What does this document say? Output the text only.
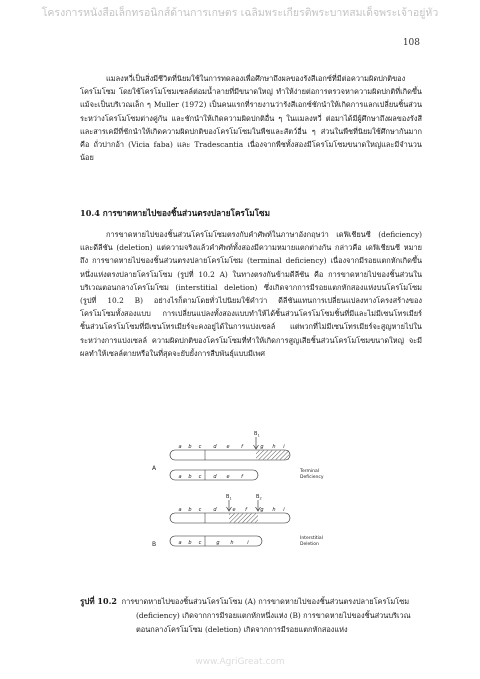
โครงการหนังสือเล็กทรอนิกส์ด้านการเกษตร เฉลิมพระเกียรติพระบาทสมเด็จพระเจ้าอยู่หัว
108

แมลงหวี่เป็นสิ่งมีชีวิตที่นิยมใช้ในการทดลองเพื่อศึกษาถึงผลของรังสีเอกซ์ที่มีต่อความผิดปกติของโครโมโซม โดยใช้โครโมโซมเซลล์ต่อมน้ำลายที่มีขนาดใหญ่ ทำให้ง่ายต่อการตรวจหาความผิดปกติที่เกิดขึ้นแม้จะเป็นบริเวณเล็ก ๆ Muller (1972) เป็นคนแรกที่รายงานว่ารังสีเอกซ์ชักนำให้เกิดการแลกเปลี่ยนชิ้นส่วนระหว่างโครโมโซมต่างคู่กัน และชักนำให้เกิดความผิดปกติอื่น ๆ ในแมลงหวี่ ต่อมาได้มีผู้ศึกษาถึงผลของรังสีและสารเคมีที่ชักนำให้เกิดความผิดปกติของโครโมโซมในพืชและสัตว์อื่น ๆ ส่วนในพืชที่นิยมใช้ศึกษากันมากคือ ถั่วปากอ้า (Vicia faba) และ Tradescantia เนื่องจากพืชทั้งสองมีโครโมโซมขนาดใหญ่และมีจำนวนน้อย

10.4 การขาดหายไปของชิ้นส่วนตรงปลายโครโมโซม

การขาดหายไปของชิ้นส่วนโครโมโซมตรงกับคำศัพท์ในภาษาอังกฤษว่า เดฟิเชียนซี (deficiency) และดีลีชัน (deletion) แต่ความจริงแล้วคำศัพท์ทั้งสองมีความหมายแตกต่างกัน กล่าวคือ เดฟิเชียนซี หมายถึง การขาดหายไปของชิ้นส่วนตรงปลายโครโมโซม (terminal deficiency) เนื่องจากมีรอยแตกหักเกิดขึ้นหนึ่งแห่งตรงปลายโครโมโซม (รูปที่ 10.2 A) ในทางตรงกันข้ามดีลีชัน คือ การขาดหายไปของชิ้นส่วนในบริเวณตอนกลางโครโมโซม (interstitial deletion) ซึ่งเกิดจากการมีรอยแตกหักสองแห่งบนโครโมโซม (รูปที่ 10.2 B) อย่างไรก็ตามโดยทั่วไปนิยมใช้คำว่า ดีลีชันแทนการเปลี่ยนแปลงทางโครงสร้างของโครโมโซมทั้งสองแบบ การเปลี่ยนแปลงทั้งสองแบบทำให้ได้ชิ้นส่วนโครโมโซมชิ้นที่มีและไม่มีเซนโทรเมียร์ ชิ้นส่วนโครโมโซมที่มีเซนโทรเมียร์จะคงอยู่ได้ในการแบ่งเซลล์ แต่พวกที่ไม่มีเซนโทรเมียร์จะสูญหายไปในระหว่างการแบ่งเซลล์ ความผิดปกติของโครโมโซมที่ทำให้เกิดการสูญเสียชิ้นส่วนโครโมโซมขนาดใหญ่ จะมีผลทำให้เซลล์ตายหรือในที่สุดจะยับยั้งการสืบพันธุ์แบบมีเพศ

A
$B_1$
a b c d e f	g h i
a b c d e f
Terminal
Deficiency
B
$B_1$	$B_2$
a b c d	e f	g h i
a b c	g h	i
Interstitial
Deletion
รูปที่ 10.2 การขาดหายไปของชิ้นส่วนโครโมโซม (A) การขาดหายไปของชิ้นส่วนตรงปลายโครโมโซม
(deficiency) เกิดจากการมีรอยแตกหักหนึ่งแห่ง (B) การขาดหายไปของชิ้นส่วนบริเวณ
ตอนกลางโครโมโซม (deletion) เกิดจากการมีรอยแตกหักสองแห่ง
www.AgriGreat.com
